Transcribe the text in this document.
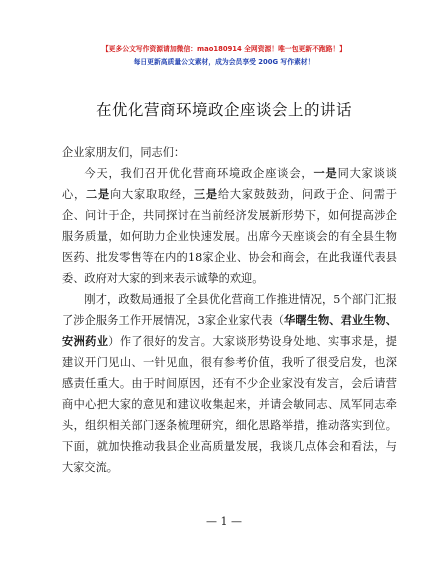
【更多公文写作资源请加微信：mao180914 全网资源！唯一包更新不跑路！】
每日更新高质量公文素材，成为会员享受 200G 写作素材！
在优化营商环境政企座谈会上的讲话

企业家朋友们，同志们：

今天，我们召开优化营商环境政企座谈会，一是同大家谈谈心，二是向大家取取经，三是给大家鼓鼓劲，问政于企、问需于企、问计于企，共同探讨在当前经济发展新形势下，如何提高涉企服务质量，如何助力企业快速发展。出席今天座谈会的有全县生物医药、批发零售等在内的18家企业、协会和商会，在此我谨代表县委、政府对大家的到来表示诚挚的欢迎。

刚才，政数局通报了全县优化营商工作推进情况，5个部门汇报了涉企服务工作开展情况，3家企业家代表（华曙生物、君业生物、安洲药业）作了很好的发言。大家谈形势设身处地、实事求是，提建议开门见山、一针见血，很有参考价值，我听了很受启发，也深感责任重大。由于时间原因，还有不少企业家没有发言，会后请营商中心把大家的意见和建议收集起来，并请会敏同志、凤军同志牵头，组织相关部门逐条梳理研究，细化思路举措，推动落实到位。下面，就加快推动我县企业高质量发展，我谈几点体会和看法，与大家交流。

— 1 —
